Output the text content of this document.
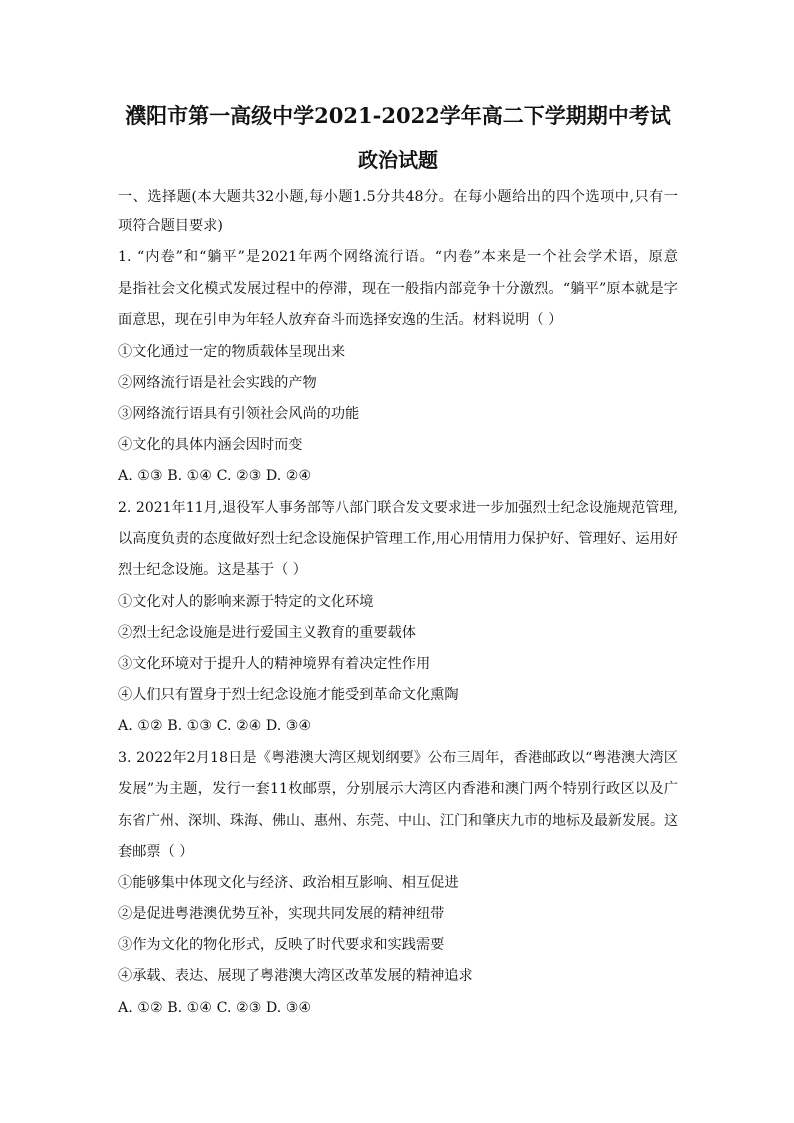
濮阳市第一高级中学2021-2022学年高二下学期期中考试
政治试题
一、选择题(本大题共32小题,每小题1.5分共48分。在每小题给出的四个选项中,只有一
项符合题目要求)
1. “内卷”和“躺平”是2021年两个网络流行语。“内卷”本来是一个社会学术语，原意
是指社会文化模式发展过程中的停滞，现在一般指内部竞争十分激烈。“躺平”原本就是字
面意思，现在引申为年轻人放弃奋斗而选择安逸的生活。材料说明（ ）
①文化通过一定的物质载体呈现出来
②网络流行语是社会实践的产物
③网络流行语具有引领社会风尚的功能
④文化的具体内涵会因时而变
A. ①③ B. ①④ C. ②③ D. ②④
2. 2021年11月,退役军人事务部等八部门联合发文要求进一步加强烈士纪念设施规范管理,
以高度负责的态度做好烈士纪念设施保护管理工作,用心用情用力保护好、管理好、运用好
烈士纪念设施。这是基于（ ）
①文化对人的影响来源于特定的文化环境
②烈士纪念设施是进行爱国主义教育的重要载体
③文化环境对于提升人的精神境界有着决定性作用
④人们只有置身于烈士纪念设施才能受到革命文化熏陶
A. ①② B. ①③ C. ②④ D. ③④
3. 2022年2月18日是《粤港澳大湾区规划纲要》公布三周年，香港邮政以“粤港澳大湾区
发展”为主题，发行一套11枚邮票，分别展示大湾区内香港和澳门两个特别行政区以及广
东省广州、深圳、珠海、佛山、惠州、东莞、中山、江门和肇庆九市的地标及最新发展。这
套邮票（ ）
①能够集中体现文化与经济、政治相互影响、相互促进
②是促进粤港澳优势互补，实现共同发展的精神纽带
③作为文化的物化形式，反映了时代要求和实践需要
④承载、表达、展现了粤港澳大湾区改革发展的精神追求
A. ①② B. ①④ C. ②③ D. ③④
